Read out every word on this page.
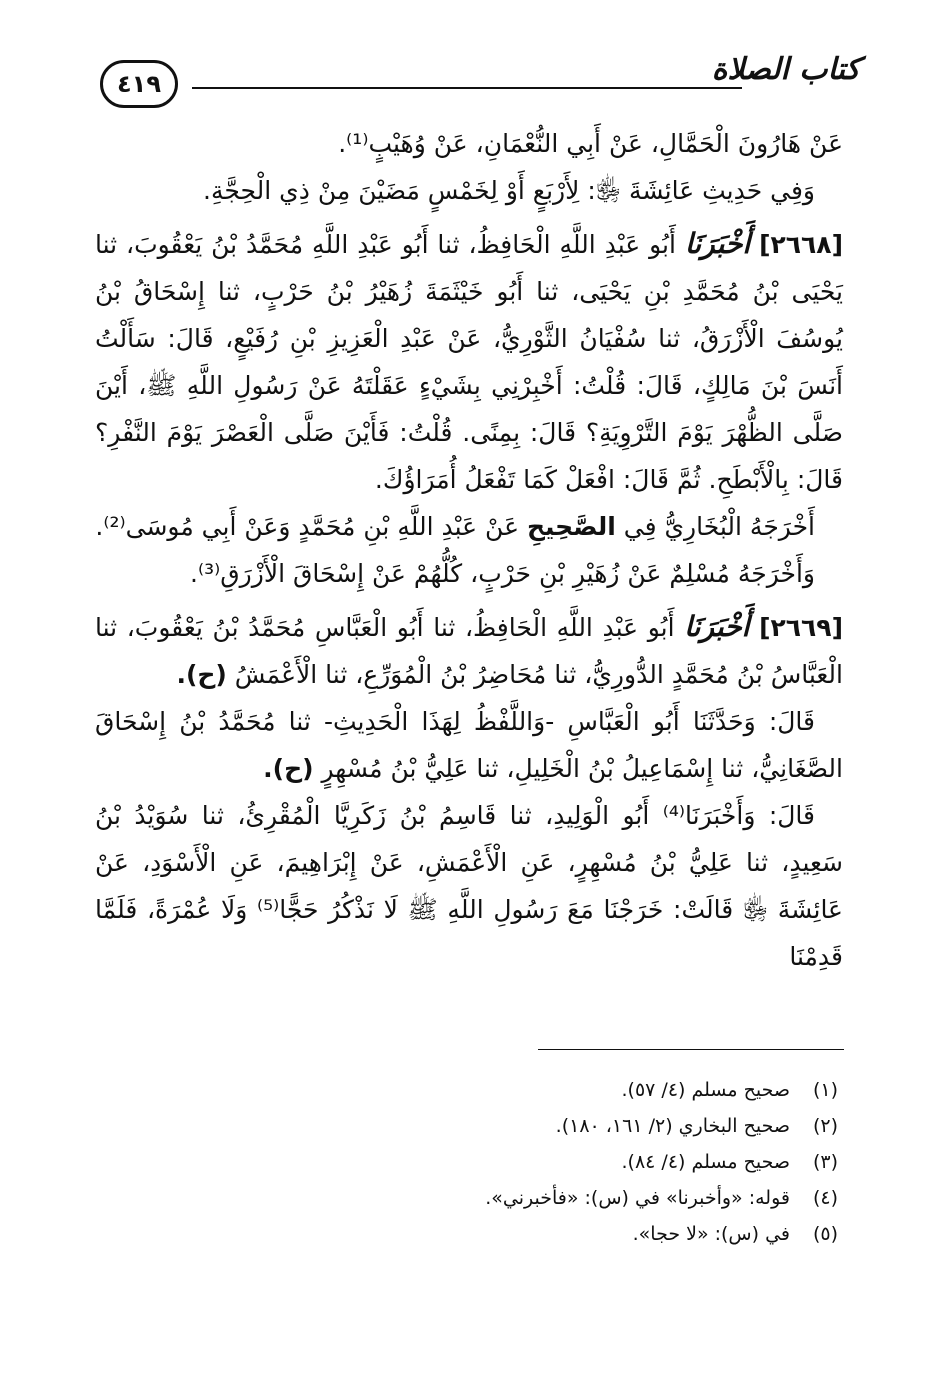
كتاب الصلاة
٤١٩

عَنْ هَارُونَ الْحَمَّالِ، عَنْ أَبِي النُّعْمَانِ، عَنْ وُهَيْبٍ⁽¹⁾.

وَفِي حَدِيثِ عَائِشَةَ ﵂: لِأَرْبَعٍ أَوْ لِخَمْسٍ مَضَيْنَ مِنْ ذِي الْحِجَّةِ.

[٢٦٦٨] أَخْبَرَنَا أَبُو عَبْدِ اللَّهِ الْحَافِظُ، ثنا أَبُو عَبْدِ اللَّهِ مُحَمَّدُ بْنُ يَعْقُوبَ، ثنا يَحْيَى بْنُ مُحَمَّدِ بْنِ يَحْيَى، ثنا أَبُو خَيْثَمَةَ زُهَيْرُ بْنُ حَرْبٍ، ثنا إِسْحَاقُ بْنُ يُوسُفَ الْأَزْرَقُ، ثنا سُفْيَانُ الثَّوْرِيُّ، عَنْ عَبْدِ الْعَزِيزِ بْنِ رُفَيْعٍ، قَالَ: سَأَلْتُ أَنَسَ بْنَ مَالِكٍ، قَالَ: قُلْتُ: أَخْبِرْنِي بِشَيْءٍ عَقَلْتَهُ عَنْ رَسُولِ اللَّهِ ﷺ، أَيْنَ صَلَّى الظُّهْرَ يَوْمَ التَّرْوِيَةِ؟ قَالَ: بِمِنًى. قُلْتُ: فَأَيْنَ صَلَّى الْعَصْرَ يَوْمَ النَّفْرِ؟ قَالَ: بِالْأَبْطَحِ. ثُمَّ قَالَ: افْعَلْ كَمَا تَفْعَلُ أُمَرَاؤُكَ.

أَخْرَجَهُ الْبُخَارِيُّ فِي الصَّحِيحِ عَنْ عَبْدِ اللَّهِ بْنِ مُحَمَّدٍ وَعَنْ أَبِي مُوسَى⁽²⁾.

وَأَخْرَجَهُ مُسْلِمٌ عَنْ زُهَيْرِ بْنِ حَرْبٍ، كُلُّهُمْ عَنْ إِسْحَاقَ الْأَزْرَقِ⁽³⁾.

[٢٦٦٩] أَخْبَرَنَا أَبُو عَبْدِ اللَّهِ الْحَافِظُ، ثنا أَبُو الْعَبَّاسِ مُحَمَّدُ بْنُ يَعْقُوبَ، ثنا الْعَبَّاسُ بْنُ مُحَمَّدٍ الدُّورِيُّ، ثنا مُحَاضِرُ بْنُ الْمُوَرِّعِ، ثنا الْأَعْمَشُ (ح).

قَالَ: وَحَدَّثَنَا أَبُو الْعَبَّاسِ -وَاللَّفْظُ لِهَذَا الْحَدِيثِ- ثنا مُحَمَّدُ بْنُ إِسْحَاقَ الصَّغَانِيُّ، ثنا إِسْمَاعِيلُ بْنُ الْخَلِيلِ، ثنا عَلِيُّ بْنُ مُسْهِرٍ (ح).

قَالَ: وَأَخْبَرَنَا⁽⁴⁾ أَبُو الْوَلِيدِ، ثنا قَاسِمُ بْنُ زَكَرِيَّا الْمُقْرِئُ، ثنا سُوَيْدُ بْنُ سَعِيدٍ، ثنا عَلِيُّ بْنُ مُسْهِرٍ، عَنِ الْأَعْمَشِ، عَنْ إِبْرَاهِيمَ، عَنِ الْأَسْوَدِ، عَنْ عَائِشَةَ ﵂ قَالَتْ: خَرَجْنَا مَعَ رَسُولِ اللَّهِ ﷺ لَا نَذْكُرُ حَجًّا⁽⁵⁾ وَلَا عُمْرَةً، فَلَمَّا قَدِمْنَا

(١)
صحيح مسلم (٤/ ٥٧).
(٢)
صحيح البخاري (٢/ ١٦١، ١٨٠).
(٣)
صحيح مسلم (٤/ ٨٤).
(٤)
قوله: «وأخبرنا» في (س): «فأخبرني».
(٥)
في (س): «لا حجا».
